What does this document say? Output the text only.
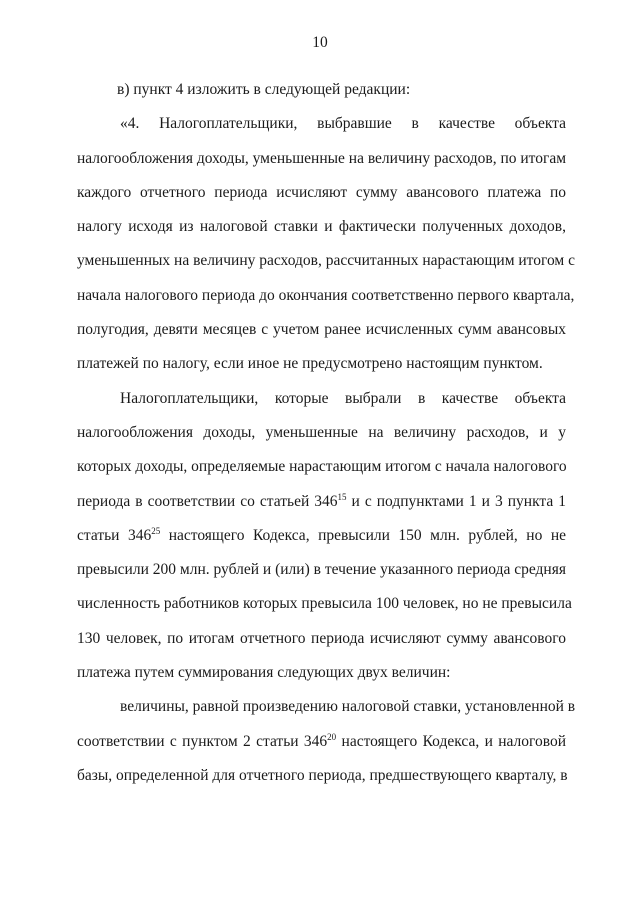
10
в) пункт 4 изложить в следующей редакции:
«4. Налогоплательщики, выбравшие в качестве объекта
налогообложения доходы, уменьшенные на величину расходов, по итогам
каждого отчетного периода исчисляют сумму авансового платежа по
налогу исходя из налоговой ставки и фактически полученных доходов,
уменьшенных на величину расходов, рассчитанных нарастающим итогом с
начала налогового периода до окончания соответственно первого квартала,
полугодия, девяти месяцев с учетом ранее исчисленных сумм авансовых
платежей по налогу, если иное не предусмотрено настоящим пунктом.
Налогоплательщики, которые выбрали в качестве объекта
налогообложения доходы, уменьшенные на величину расходов, и у
которых доходы, определяемые нарастающим итогом с начала налогового
периода в соответствии со статьей $346^{15}$ и с подпунктами 1 и 3 пункта 1
статьи $346^{25}$ настоящего Кодекса, превысили 150 млн. рублей, но не
превысили 200 млн. рублей и (или) в течение указанного периода средняя
численность работников которых превысила 100 человек, но не превысила
130 человек, по итогам отчетного периода исчисляют сумму авансового
платежа путем суммирования следующих двух величин:
величины, равной произведению налоговой ставки, установленной в
соответствии с пунктом 2 статьи $346^{20}$ настоящего Кодекса, и налоговой
базы, определенной для отчетного периода, предшествующего кварталу, в
